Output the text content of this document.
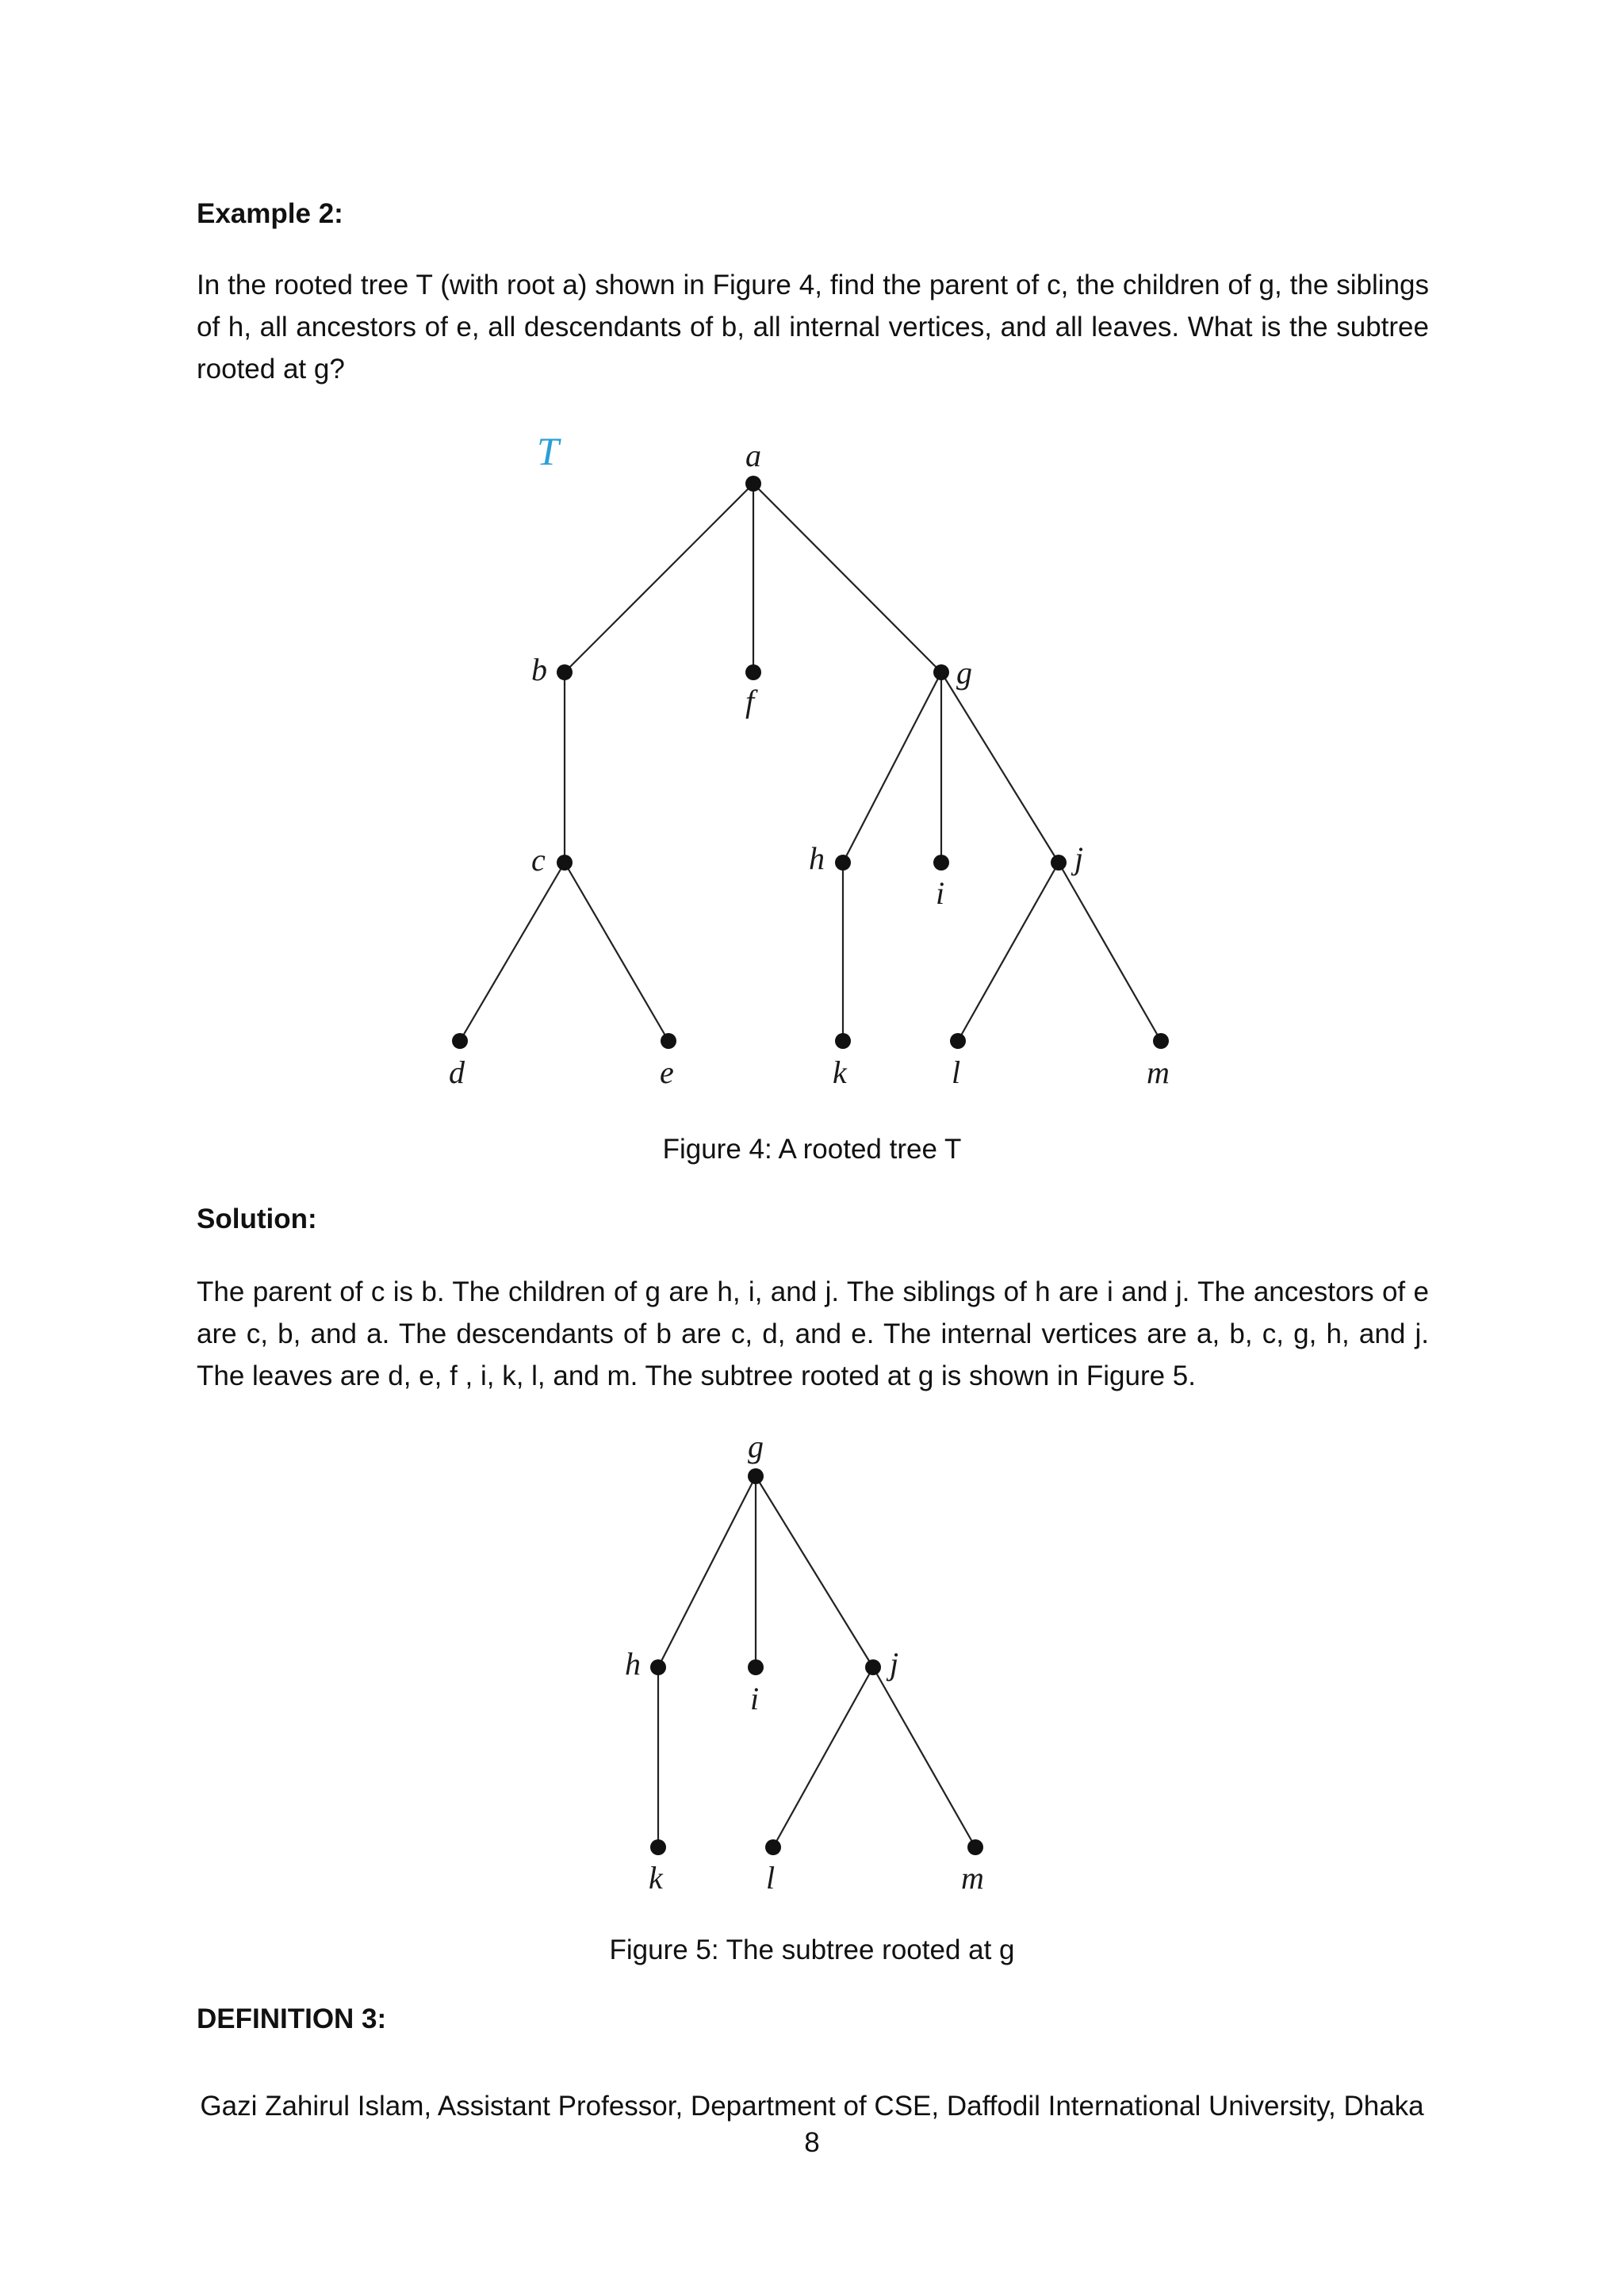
Example 2:
In the rooted tree T (with root a) shown in Figure 4, find the parent of c, the children of g, the siblings of h, all ancestors of e, all descendants of b, all internal vertices, and all leaves. What is the subtree rooted at g?
T	a
b
f
g
c	h
i
j
d	e	k	l	m
Figure 4: A rooted tree T
Solution:
The parent of c is b. The children of g are h, i, and j. The siblings of h are i and j. The ancestors of e are c, b, and a. The descendants of b are c, d, and e. The internal vertices are a, b, c, g, h, and j. The leaves are d, e, f , i, k, l, and m. The subtree rooted at g is shown in Figure 5.
g
h
i
j
k	l	m
Figure 5: The subtree rooted at g
DEFINITION 3:
Gazi Zahirul Islam, Assistant Professor, Department of CSE, Daffodil International University, Dhaka
8
